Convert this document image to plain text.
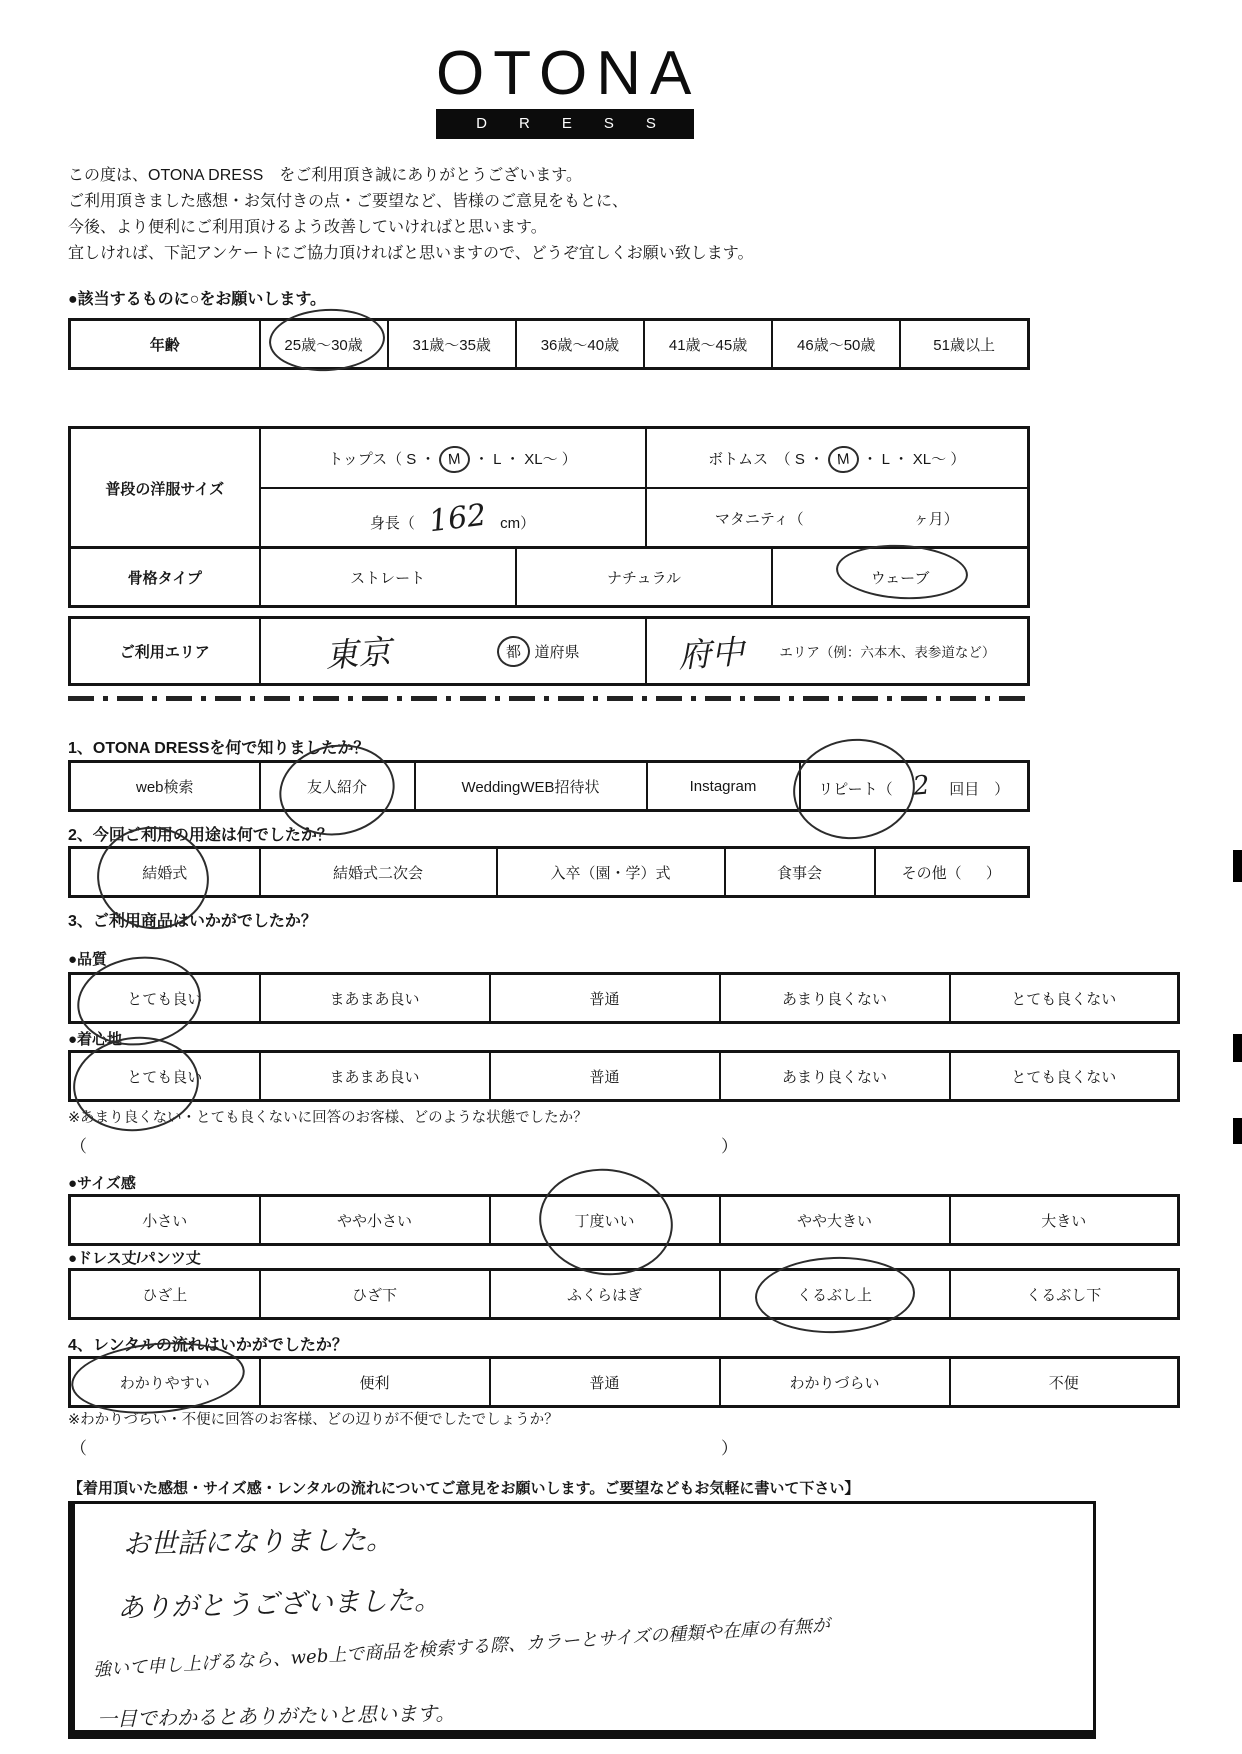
OTONA
DRESS

この度は、OTONA DRESS　をご利用頂き誠にありがとうございます。

ご利用頂きました感想・お気付きの点・ご要望など、皆様のご意見をもとに、

今後、より便利にご利用頂けるよう改善していければと思います。

宜しければ、下記アンケートにご協力頂ければと思いますので、どうぞ宜しくお願い致します。

●該当するものに○をお願いします。
年齢	25歳～30歳	31歳～35歳	36歳～40歳	41歳～45歳	46歳～50歳	51歳以上
普段の洋服サイズ	トップス（ S ・ M ・ L ・ XL～ ）	ボトムス　（ S ・ M ・ L ・ XL～ ）
	身長（ 162 cm）	マタニティ（ ヶ月）
骨格タイプ	ストレート	ナチュラル	ウェーブ
ご利用エリア	東京	都 道府県	府中	エリア（例：六本木、表参道など）
1、OTONA DRESSを何で知りましたか？
web検索	友人紹介	WeddingWEB招待状	Instagram	リピート（ 2 回目　）
2、今回ご利用の用途は何でしたか？
結婚式	結婚式二次会	入卒（園・学）式	食事会	その他（ ）
3、ご利用商品はいかがでしたか？
●品質
とても良い	まあまあ良い	普通	あまり良くない	とても良くない
●着心地
とても良い	まあまあ良い	普通	あまり良くない	とても良くない
※あまり良くない・とても良くないに回答のお客様、どのような状態でしたか？
（	）
●サイズ感
小さい	やや小さい	丁度いい	やや大きい	大きい
●ドレス丈/パンツ丈
ひざ上	ひざ下	ふくらはぎ	くるぶし上	くるぶし下
4、レンタルの流れはいかがでしたか？
わかりやすい	便利	普通	わかりづらい	不便
※わかりづらい・不便に回答のお客様、どの辺りが不便でしたでしょうか？
（	）
【着用頂いた感想・サイズ感・レンタルの流れについてご意見をお願いします。ご要望などもお気軽に書いて下さい】
お世話になりました。
ありがとうございました。
強いて申し上げるなら、web上で商品を検索する際、カラーとサイズの種類や在庫の有無が
一目でわかるとありがたいと思います。
